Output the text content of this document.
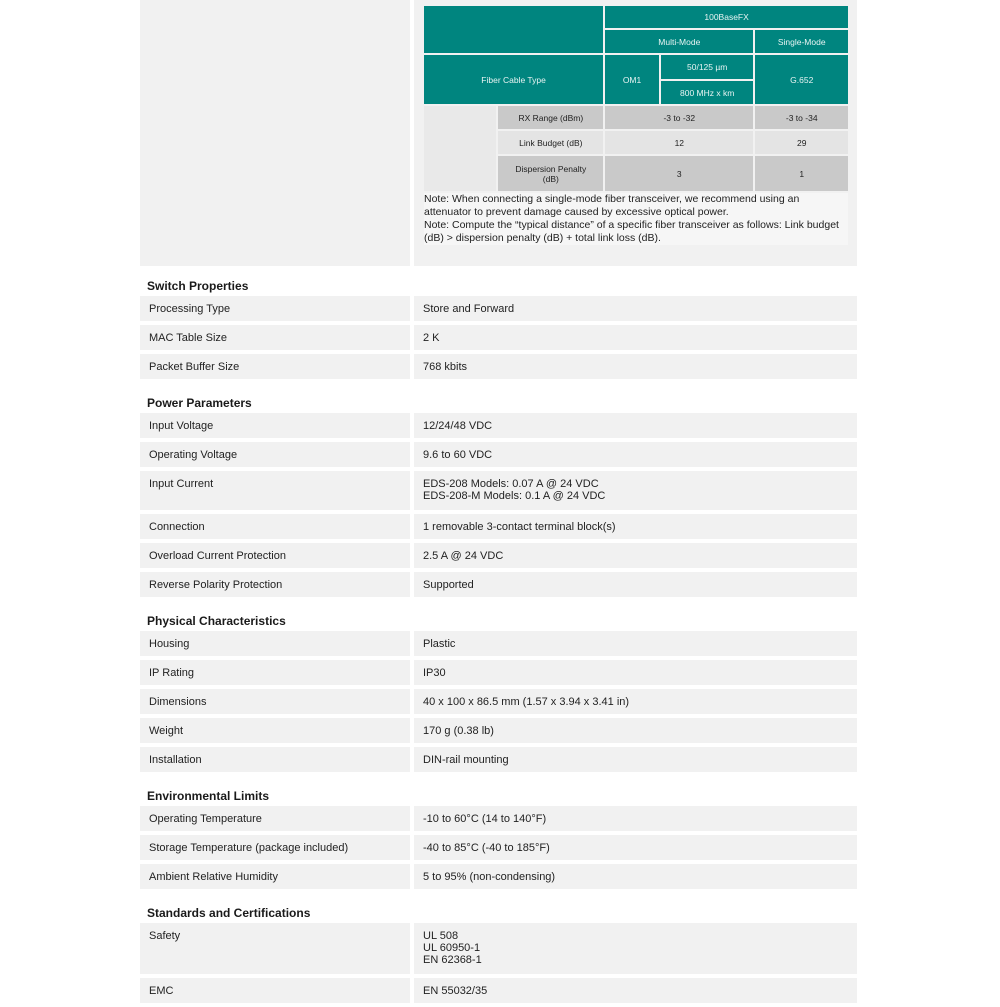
		100BaseFX		
		Multi-Mode		Single-Mode
Fiber Cable Type		OM1	50/125 µm	G.652
			800 MHz x km	
	RX Range (dBm)	-3 to -32		-3 to -34
	Link Budget (dB)	12		29
	Dispersion Penalty (dB)	3		1

Note: When connecting a single-mode fiber transceiver, we recommend using an attenuator to prevent damage caused by excessive optical power.
Note: Compute the “typical distance” of a specific fiber transceiver as follows: Link budget (dB) > dispersion penalty (dB) + total link loss (dB).				
Switch Properties
Processing Type	Store and Forward
MAC Table Size	2 K
Packet Buffer Size	768 kbits
Power Parameters
Input Voltage	12/24/48 VDC
Operating Voltage	9.6 to 60 VDC
Input Current	EDS-208 Models: 0.07 A @ 24 VDC
EDS-208-M Models: 0.1 A @ 24 VDC
Connection	1 removable 3-contact terminal block(s)
Overload Current Protection	2.5 A @ 24 VDC
Reverse Polarity Protection	Supported
Physical Characteristics
Housing	Plastic
IP Rating	IP30
Dimensions	40 x 100 x 86.5 mm (1.57 x 3.94 x 3.41 in)
Weight	170 g (0.38 lb)
Installation	DIN-rail mounting
Environmental Limits
Operating Temperature	-10 to 60°C (14 to 140°F)
Storage Temperature (package included)	-40 to 85°C (-40 to 185°F)
Ambient Relative Humidity	5 to 95% (non-condensing)
Standards and Certifications
Safety	UL 508
UL 60950-1
EN 62368-1
EMC	EN 55032/35
